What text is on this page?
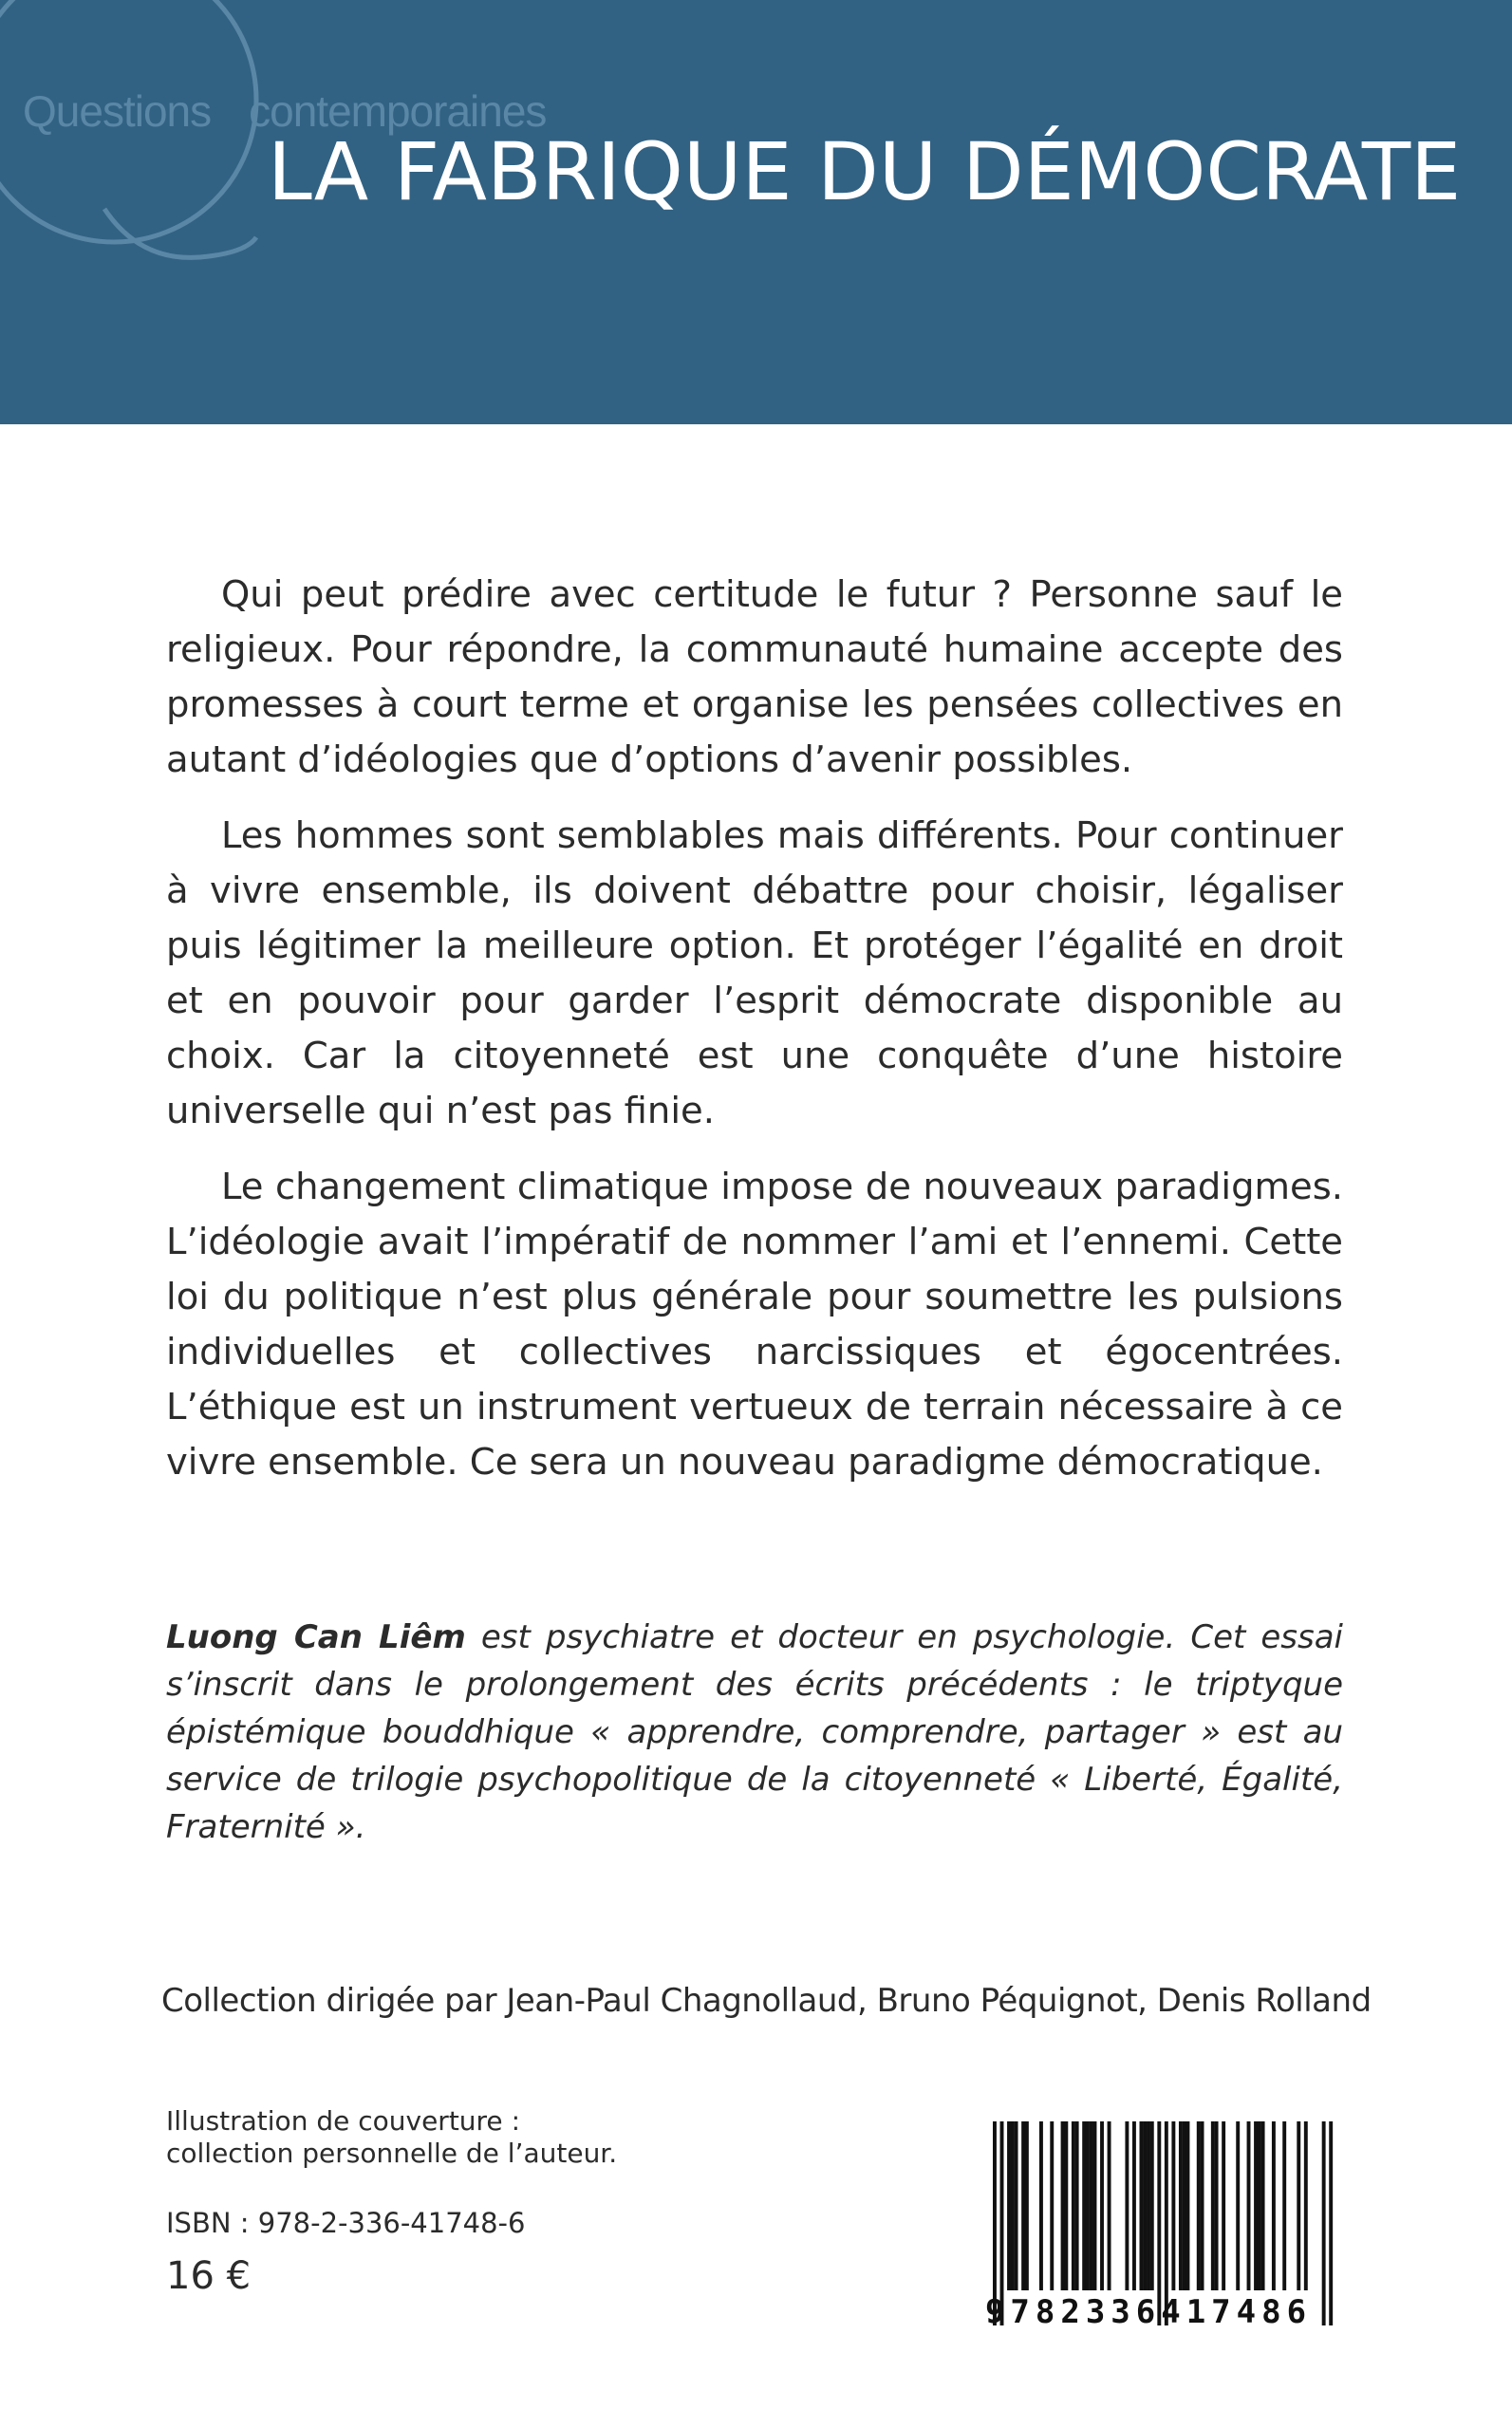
Questions contemporaines
LA FABRIQUE DU DÉMOCRATE

Qui peut prédire avec certitude le futur ? Personne sauf le religieux. Pour répondre, la communauté humaine accepte des promesses à court terme et organise les pensées collectives en autant d’idéologies que d’options d’avenir possibles.

Les hommes sont semblables mais différents. Pour continuer à vivre ensemble, ils doivent débattre pour choisir, légaliser puis légitimer la meilleure option. Et protéger l’égalité en droit et en pouvoir pour garder l’esprit démocrate disponible au choix. Car la citoyenneté est une conquête d’une histoire universelle qui n’est pas finie.

Le changement climatique impose de nouveaux paradigmes. L’idéologie avait l’impératif de nommer l’ami et l’ennemi. Cette loi du politique n’est plus générale pour soumettre les pulsions individuelles et collectives narcissiques et égocentrées. L’éthique est un instrument vertueux de terrain nécessaire à ce vivre ensemble. Ce sera un nouveau paradigme démocratique.

Luong Can Liêm est psychiatre et docteur en psychologie. Cet essai s’inscrit dans le prolongement des écrits précédents : le triptyque épistémique bouddhique « apprendre, comprendre, partager » est au service de trilogie psychopolitique de la citoyenneté « Liberté, Égalité, Fraternité ».

Collection dirigée par Jean-Paul Chagnollaud, Bruno Péquignot, Denis Rolland
Illustration de couverture :
collection personnelle de l’auteur.
ISBN : 978-2-336-41748-6
16 €
9782336417486
